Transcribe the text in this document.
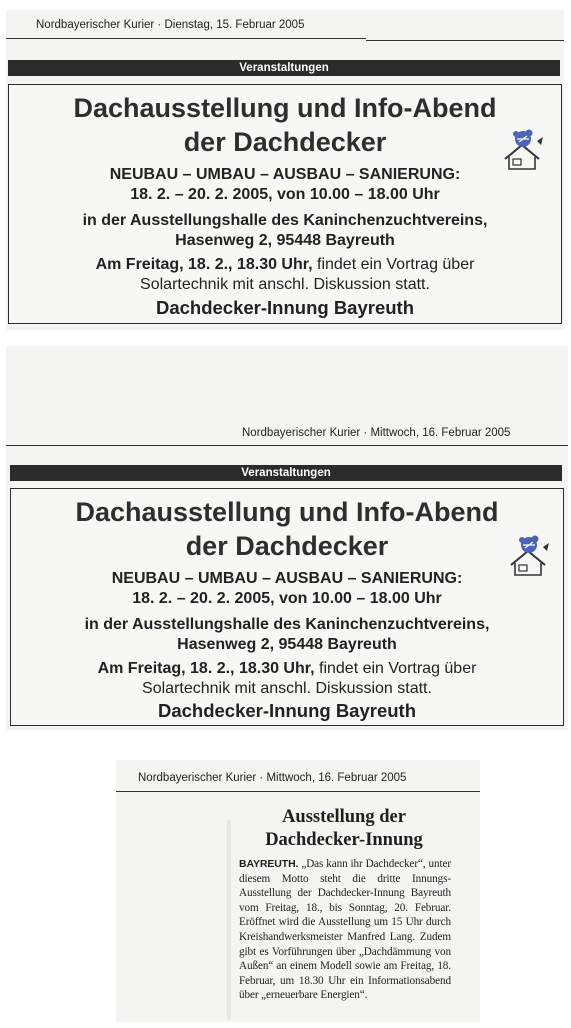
Nordbayerischer Kurier · Dienstag, 15. Februar 2005
Veranstaltungen
Dachausstellung und Info-Abend
der Dachdecker
NEUBAU – UMBAU – AUSBAU – SANIERUNG:
18. 2. – 20. 2. 2005, von 10.00 – 18.00 Uhr
in der Ausstellungshalle des Kaninchenzuchtvereins,
Hasenweg 2, 95448 Bayreuth
Am Freitag, 18. 2., 18.30 Uhr, findet ein Vortrag über
Solartechnik mit anschl. Diskussion statt.
Dachdecker-Innung Bayreuth
Nordbayerischer Kurier · Mittwoch, 16. Februar 2005
Veranstaltungen
Dachausstellung und Info-Abend
der Dachdecker
NEUBAU – UMBAU – AUSBAU – SANIERUNG:
18. 2. – 20. 2. 2005, von 10.00 – 18.00 Uhr
in der Ausstellungshalle des Kaninchenzuchtvereins,
Hasenweg 2, 95448 Bayreuth
Am Freitag, 18. 2., 18.30 Uhr, findet ein Vortrag über
Solartechnik mit anschl. Diskussion statt.
Dachdecker-Innung Bayreuth
Nordbayerischer Kurier · Mittwoch, 16. Februar 2005
Ausstellung der
Dachdecker-Innung
BAYREUTH. „Das kann ihr Dachdecker“, unter diesem Motto steht die dritte Innungs-Ausstellung der Dachdecker-Innung Bayreuth vom Freitag, 18., bis Sonntag, 20. Februar. Eröffnet wird die Ausstellung um 15 Uhr durch Kreishandwerksmeister Manfred Lang. Zudem gibt es Vorführungen über „Dachdämmung von Außen“ an einem Modell sowie am Freitag, 18. Februar, um 18.30 Uhr ein Informationsabend über „erneuerbare Energien“.
